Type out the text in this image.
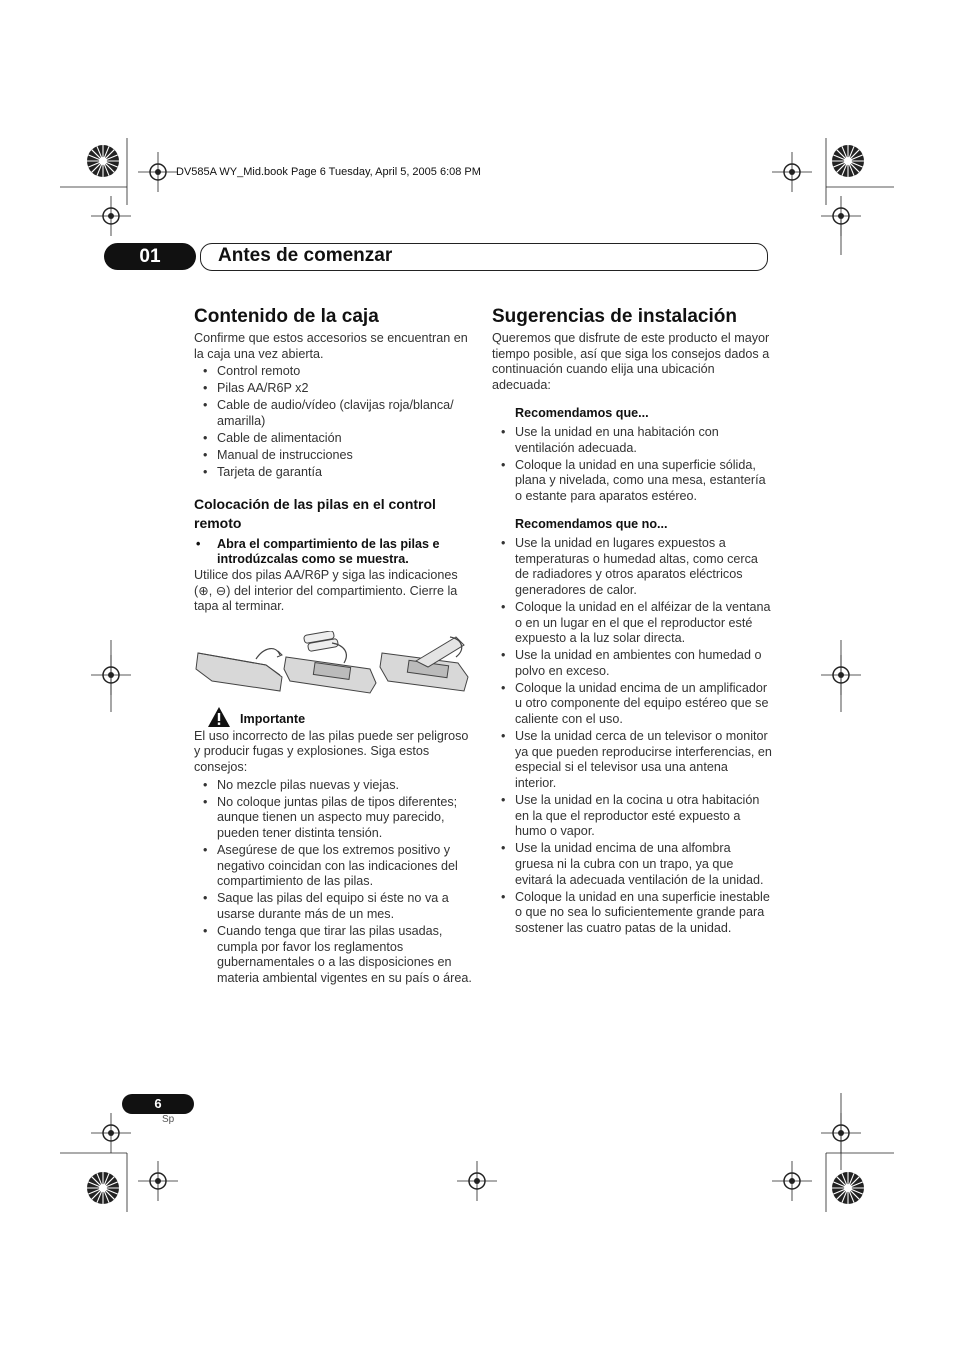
DV585A WY_Mid.book Page 6 Tuesday, April 5, 2005 6:08 PM
01	Antes de comenzar
Contenido de la caja

Confirme que estos accesorios se encuentran en la caja una vez abierta.

• Control remoto
• Pilas AA/R6P x2
• Cable de audio/vídeo (clavijas roja/blanca/ amarilla)
• Cable de alimentación
• Manual de instrucciones
• Tarjeta de garantía
Colocación de las pilas en el control remoto
• Abra el compartimiento de las pilas e introdúzcalas como se muestra.

Utilice dos pilas AA/R6P y siga las indicaciones (⊕, ⊖) del interior del compartimiento. Cierre la tapa al terminar.

Importante

El uso incorrecto de las pilas puede ser peligroso y producir fugas y explosiones. Siga estos consejos:

• No mezcle pilas nuevas y viejas.
• No coloque juntas pilas de tipos diferentes; aunque tienen un aspecto muy parecido, pueden tener distinta tensión.
• Asegúrese de que los extremos positivo y negativo coincidan con las indicaciones del compartimiento de las pilas.
• Saque las pilas del equipo si éste no va a usarse durante más de un mes.
• Cuando tenga que tirar las pilas usadas, cumpla por favor los reglamentos gubernamentales o a las disposiciones en materia ambiental vigentes en su país o área.
Sugerencias de instalación

Queremos que disfrute de este producto el mayor tiempo posible, así que siga los consejos dados a continuación cuando elija una ubicación adecuada:

Recomendamos que...
• Use la unidad en una habitación con ventilación adecuada.
• Coloque la unidad en una superficie sólida, plana y nivelada, como una mesa, estantería o estante para aparatos estéreo.
Recomendamos que no...
• Use la unidad en lugares expuestos a temperaturas o humedad altas, como cerca de radiadores y otros aparatos eléctricos generadores de calor.
• Coloque la unidad en el alféizar de la ventana o en un lugar en el que el reproductor esté expuesto a la luz solar directa.
• Use la unidad en ambientes con humedad o polvo en exceso.
• Coloque la unidad encima de un amplificador u otro componente del equipo estéreo que se caliente con el uso.
• Use la unidad cerca de un televisor o monitor ya que pueden reproducirse interferencias, en especial si el televisor usa una antena interior.
• Use la unidad en la cocina u otra habitación en la que el reproductor esté expuesto a humo o vapor.
• Use la unidad encima de una alfombra gruesa ni la cubra con un trapo, ya que evitará la adecuada ventilación de la unidad.
• Coloque la unidad en una superficie inestable o que no sea lo suficientemente grande para sostener las cuatro patas de la unidad.
6
Sp
